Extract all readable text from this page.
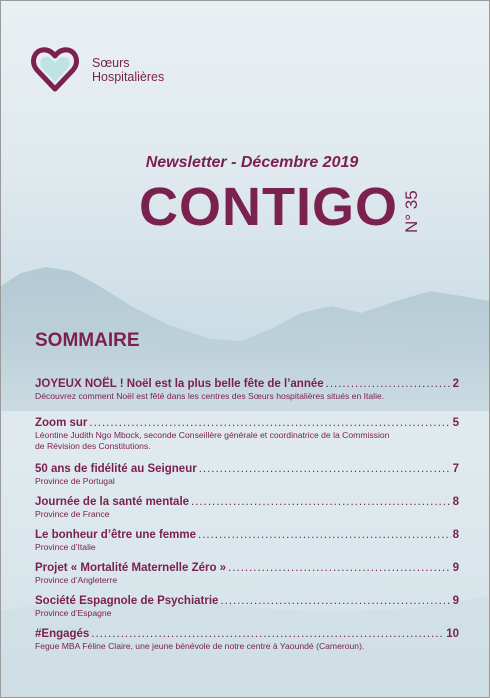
Sœurs
Hospitalières
Newsletter - Décembre 2019
CONTIGO N° 35
SOMMAIRE
JOYEUX NOËL ! Noël est la plus belle fête de l’année .....	2
Découvrez comment Noël est fêté dans les centres des Sœurs hospitalières situés en Italie.
Zoom sur .....	5
Léontine Judith Ngo Mbock, seconde Conseillère générale et coordinatrice de la Commission
de Révision des Constitutions.
50 ans de fidélité au Seigneur .....	7
Province de Portugal
Journée de la santé mentale .....	8
Province de France
Le bonheur d’être une femme .....	8
Province d’Italie
Projet « Mortalité Maternelle Zéro » .....	9
Province d’Angleterre
Société Espagnole de Psychiatrie .....	9
Province d’Espagne
#Engagés .....	10
Fegue MBA Féline Claire, une jeune bénévole de notre centre à Yaoundé (Cameroun).
